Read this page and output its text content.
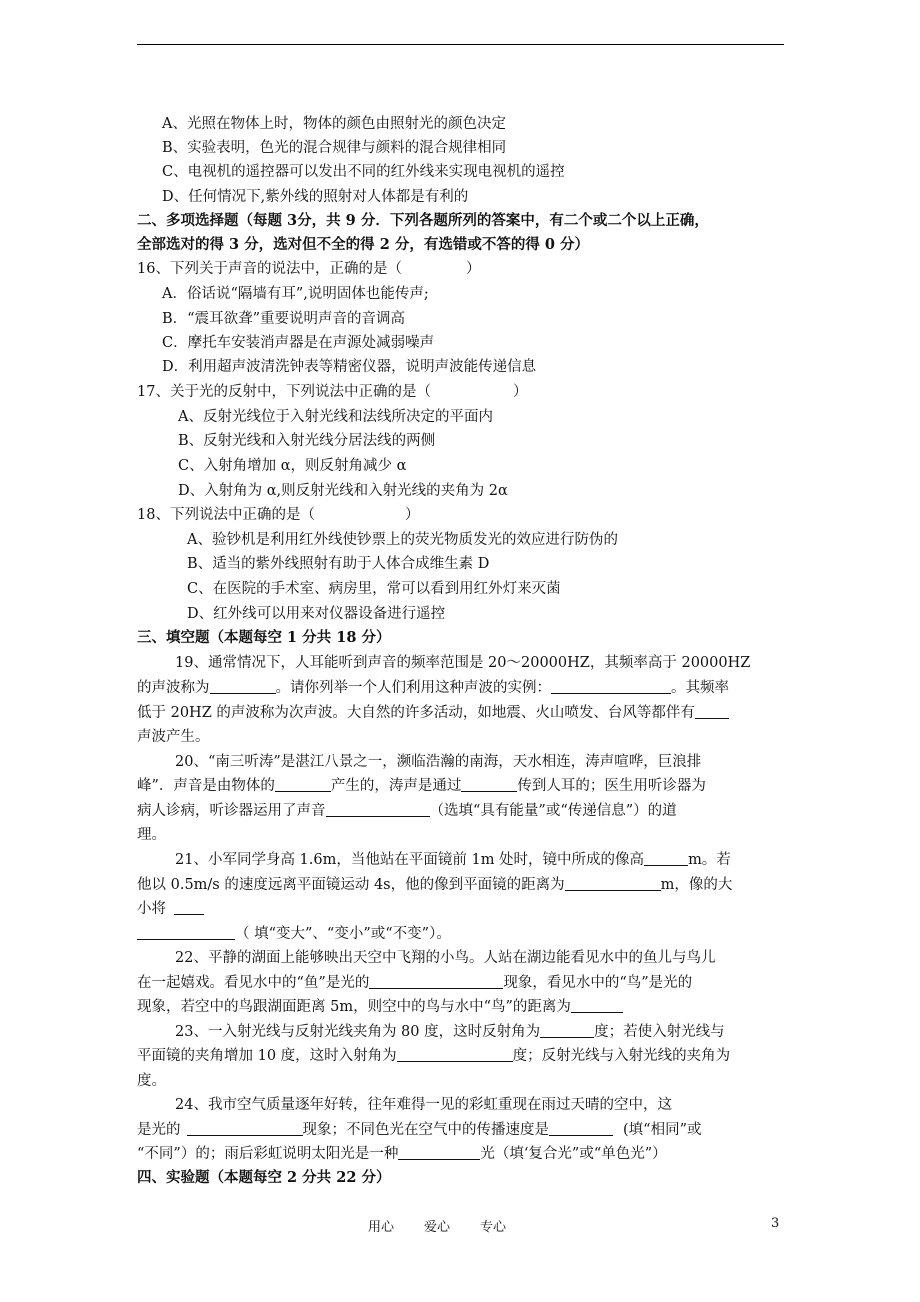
A、光照在物体上时，物体的颜色由照射光的颜色决定
B、实验表明，色光的混合规律与颜料的混合规律相同
C、电视机的遥控器可以发出不同的红外线来实现电视机的遥控
D、任何情况下,紫外线的照射对人体都是有利的
二、多项选择题（每题 3分，共 9 分．下列各题所列的答案中，有二个或二个以上正确，
全部选对的得 3 分，选对但不全的得 2 分，有选错或不答的得 0 分）
16、下列关于声音的说法中，正确的是（	）
A．俗话说“隔墙有耳”,说明固体也能传声;
B．“震耳欲聋”重要说明声音的音调高
C．摩托车安装消声器是在声源处减弱噪声
D．利用超声波清洗钟表等精密仪器，说明声波能传递信息
17、关于光的反射中，下列说法中正确的是（	）
A、反射光线位于入射光线和法线所决定的平面内
B、反射光线和入射光线分居法线的两侧
C、入射角增加 α，则反射角减少 α
D、入射角为 α,则反射光线和入射光线的夹角为 2α
18、下列说法中正确的是（	）
A、验钞机是利用红外线使钞票上的荧光物质发光的效应进行防伪的
B、适当的紫外线照射有助于人体合成维生素 D
C、在医院的手术室、病房里，常可以看到用红外灯来灭菌
D、红外线可以用来对仪器设备进行遥控
三、填空题（本题每空 1 分共 18 分）
19、通常情况下，人耳能听到声音的频率范围是 20～20000HZ，其频率高于 20000HZ
的声波称为	。请你列举一个人们利用这种声波的实例：	。其频率
低于 20HZ 的声波称为次声波。大自然的许多活动，如地震、火山喷发、台风等都伴有
声波产生。
20、“南三听涛”是湛江八景之一，濒临浩瀚的南海，天水相连，涛声喧哗，巨浪排
峰”．声音是由物体的	产生的，涛声是通过	传到人耳的；医生用听诊器为
病人诊病，听诊器运用了声音	（选填“具有能量”或“传递信息”）的道
理。
21、小军同学身高 1.6m，当他站在平面镜前 1m 处时，镜中所成的像高	m。若
他以 0.5m/s 的速度远离平面镜运动 4s，他的像到平面镜的距离为	m，像的大
小将
（ 填“变大”、“变小”或“不变”）。
22、平静的湖面上能够映出天空中飞翔的小鸟。人站在湖边能看见水中的鱼儿与鸟儿
在一起嬉戏。看见水中的“鱼”是光的	现象，看见水中的“鸟”是光的
现象，若空中的鸟跟湖面距离 5m，则空中的鸟与水中“鸟”的距离为
23、一入射光线与反射光线夹角为 80 度，这时反射角为	度；若使入射光线与
平面镜的夹角增加 10 度，这时入射角为	度；反射光线与入射光线的夹角为
度。
24、我市空气质量逐年好转，往年难得一见的彩虹重现在雨过天晴的空中，这
是光的	现象；不同色光在空气中的传播速度是	(填“相同”或
“不同”）的；雨后彩虹说明太阳光是一种	光（填‘复合光”或“单色光”）
四、实验题（本题每空 2 分共 22 分）
用心 爱心 专心	3
